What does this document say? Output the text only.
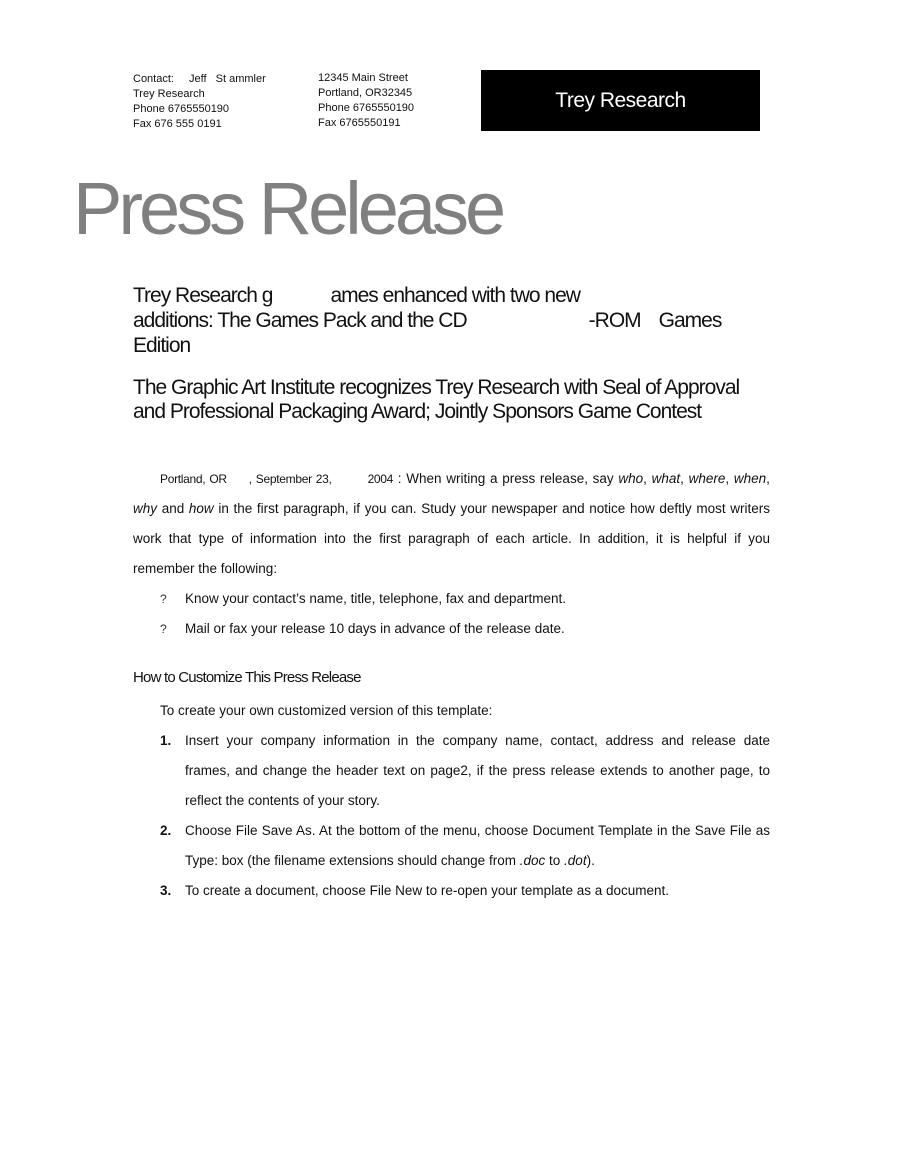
Contact: Jeff St ammler
Trey Research
Phone 6765550190
Fax 676 555 0191
12345 Main Street
Portland, OR32345
Phone 6765550190
Fax 6765550191
Trey Research
Press Release
Trey Research g	ames enhanced with two new
additions: The Games Pack and the CD	-ROM Games
Edition
The Graphic Art Institute recognizes Trey Research with Seal of Approval and Professional Packaging Award; Jointly Sponsors Game Contest

Portland, OR , September 23,	2004 : When writing a press release, say who, what, where, when, why and how in the first paragraph, if you can. Study your newspaper and notice how deftly most writers work that type of information into the first paragraph of each article. In addition, it is helpful if you remember the following:

? Know your contact’s name, title, telephone, fax and department.
? Mail or fax your release 10 days in advance of the release date.
How to Customize This Press Release

To create your own customized version of this template:

1. Insert your company information in the company name, contact, address and release date frames, and change the header text on page2, if the press release extends to another page, to reflect the contents of your story.
2. Choose File Save As. At the bottom of the menu, choose Document Template in the Save File as Type: box (the filename extensions should change from .doc to .dot).
3. To create a document, choose File New to re-open your template as a document.
